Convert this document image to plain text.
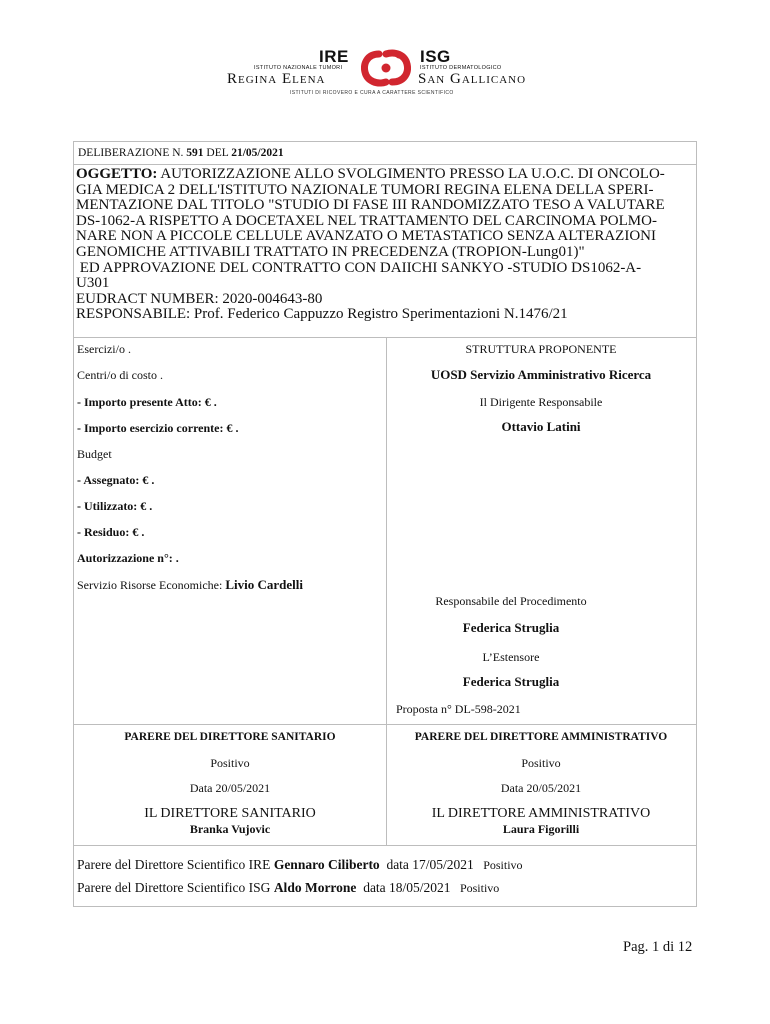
IRE
ISTITUTO NAZIONALE TUMORI
Regina Elena
ISG
ISTITUTO DERMATOLOGICO
San Gallicano
ISTITUTI DI RICOVERO E CURA A CARATTERE SCIENTIFICO
DELIBERAZIONE N. 591 DEL 21/05/2021
OGGETTO: AUTORIZZAZIONE ALLO SVOLGIMENTO PRESSO LA U.O.C. DI ONCOLO-
GIA MEDICA 2 DELL'ISTITUTO NAZIONALE TUMORI REGINA ELENA DELLA SPERI-
MENTAZIONE DAL TITOLO "STUDIO DI FASE III RANDOMIZZATO TESO A VALUTARE
DS-1062-A RISPETTO A DOCETAXEL NEL TRATTAMENTO DEL CARCINOMA POLMO-
NARE NON A PICCOLE CELLULE AVANZATO O METASTATICO SENZA ALTERAZIONI
GENOMICHE ATTIVABILI TRATTATO IN PRECEDENZA (TROPION-Lung01)"
ED APPROVAZIONE DEL CONTRATTO CON DAIICHI SANKYO -STUDIO DS1062-A-
U301
EUDRACT NUMBER: 2020-004643-80
RESPONSABILE: Prof. Federico Cappuzzo Registro Sperimentazioni N.1476/21
Esercizi/o .
Centri/o di costo .
- Importo presente Atto: € .
- Importo esercizio corrente: € .
Budget
- Assegnato: € .
- Utilizzato: € .
- Residuo: € .
Autorizzazione n°: .
Servizio Risorse Economiche: Livio Cardelli
STRUTTURA PROPONENTE
UOSD Servizio Amministrativo Ricerca
Il Dirigente Responsabile
Ottavio Latini
Responsabile del Procedimento
Federica Struglia
L’Estensore
Federica Struglia
Proposta n° DL-598-2021
PARERE DEL DIRETTORE SANITARIO
Positivo
Data 20/05/2021
IL DIRETTORE SANITARIO
Branka Vujovic
PARERE DEL DIRETTORE AMMINISTRATIVO
Positivo
Data 20/05/2021
IL DIRETTORE AMMINISTRATIVO
Laura Figorilli
Parere del Direttore Scientifico IRE Gennaro Ciliberto data 17/05/2021 Positivo
Parere del Direttore Scientifico ISG Aldo Morrone data 18/05/2021 Positivo
Pag. 1 di 12
